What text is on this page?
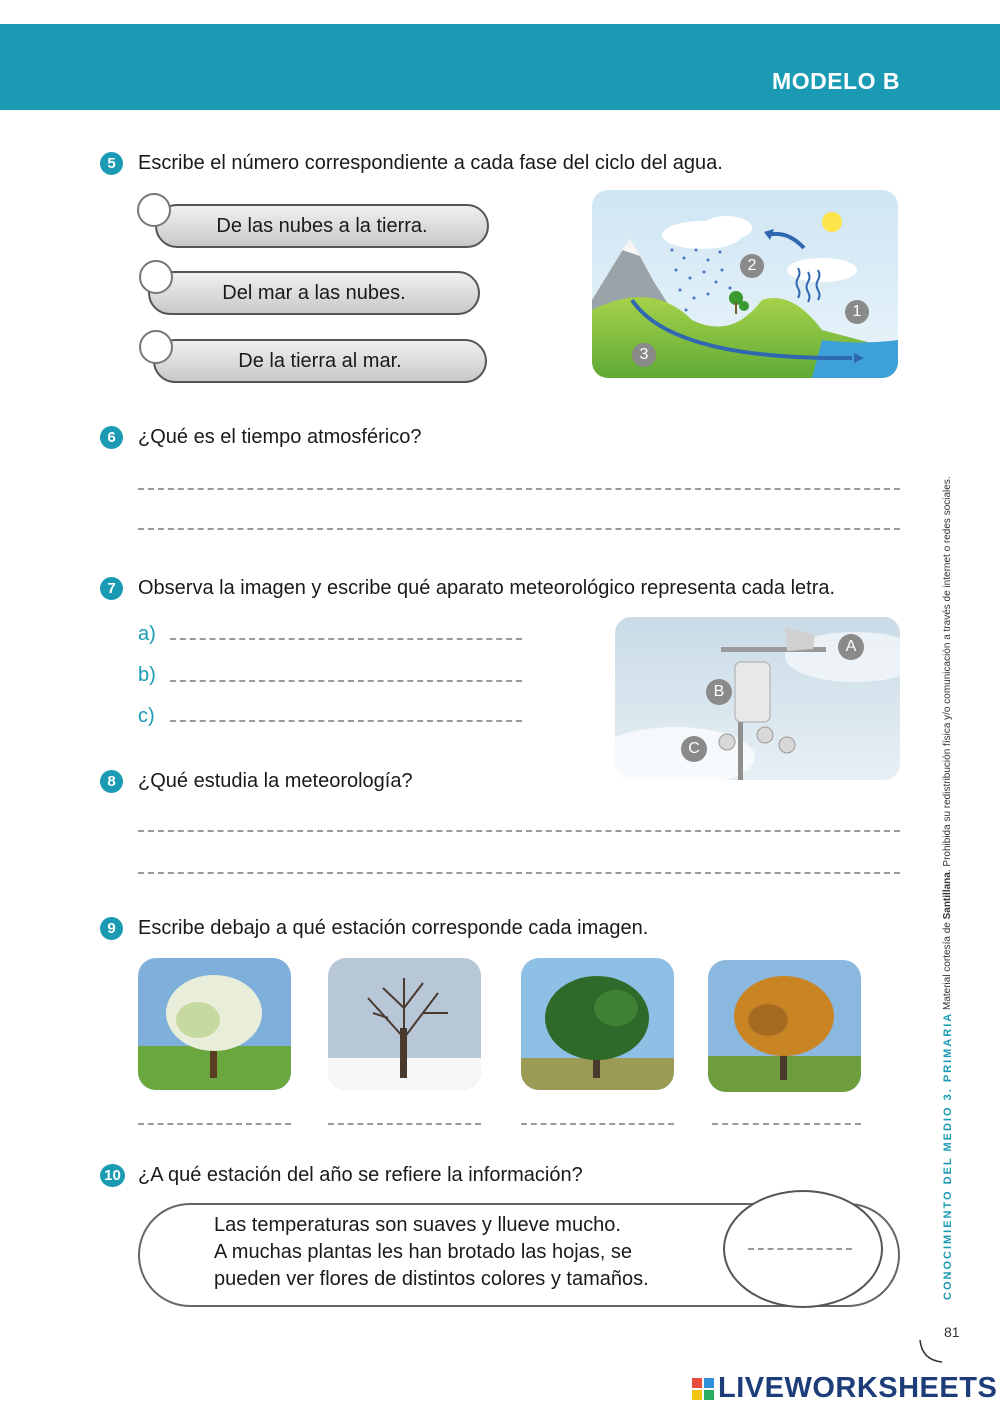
MODELO B
5	Escribe el número correspondiente a cada fase del ciclo del agua.
De las nubes a la tierra.
Del mar a las nubes.
De la tierra al mar.
2
1
3
6	¿Qué es el tiempo atmosférico?
7	Observa la imagen y escribe qué aparato meteorológico representa cada letra.
a)
b)
c)
A
B
C
8	¿Qué estudia la meteorología?
9	Escribe debajo a qué estación corresponde cada imagen.
10 ¿A qué estación del año se refiere la información?
Las temperaturas son suaves y llueve mucho.
A muchas plantas les han brotado las hojas, se
pueden ver flores de distintos colores y tamaños.
Material cortesía de Santillana. Prohibida su redistribución física y/o comunicación a través de internet o redes sociales.
CONOCIMIENTO DEL MEDIO 3. PRIMARIA
81
LIVEWORKSHEETS
